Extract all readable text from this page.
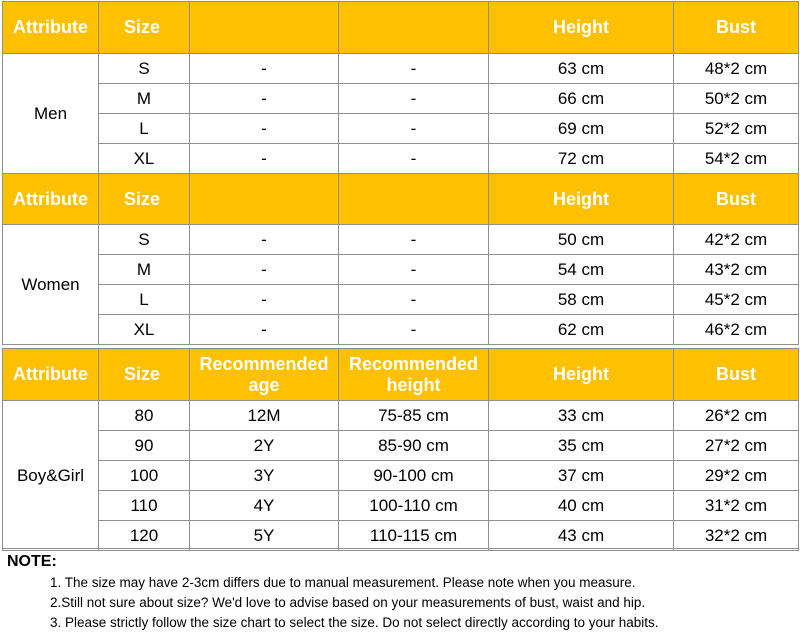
Attribute	Size			Height	Bust
Men	S	-	-	63 cm	48*2 cm
	M	-	-	66 cm	50*2 cm
	L	-	-	69 cm	52*2 cm
	XL	-	-	72 cm	54*2 cm
Attribute	Size			Height	Bust
Women	S	-	-	50 cm	42*2 cm
	M	-	-	54 cm	43*2 cm
	L	-	-	58 cm	45*2 cm
	XL	-	-	62 cm	46*2 cm

Attribute	Size	Recommended age	Recommended height	Height	Bust
Boy&Girl	80	12M	75-85 cm	33 cm	26*2 cm
	90	2Y	85-90 cm	35 cm	27*2 cm
	100	3Y	90-100 cm	37 cm	29*2 cm
	110	4Y	100-110 cm	40 cm	31*2 cm
	120	5Y	110-115 cm	43 cm	32*2 cm
NOTE:
1. The size may have 2-3cm differs due to manual measurement. Please note when you measure.
2.Still not sure about size? We'd love to advise based on your measurements of bust, waist and hip.
3. Please strictly follow the size chart to select the size. Do not select directly according to your habits.
